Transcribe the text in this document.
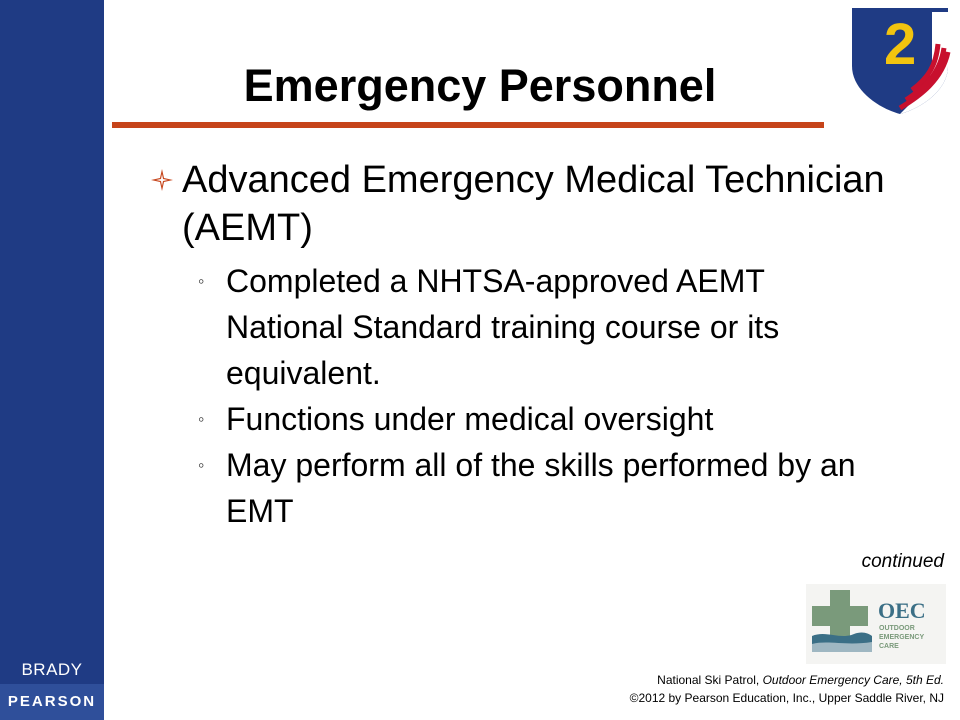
BRADY
PEARSON
2
Emergency Personnel
Advanced Emergency Medical Technician (AEMT)
◦ Completed a NHTSA-approved AEMT National Standard training course or its equivalent.
◦ Functions under medical oversight
◦ May perform all of the skills performed by an EMT
continued
OEC
OUTDOOR
EMERGENCY
CARE
National Ski Patrol, Outdoor Emergency Care, 5th Ed.
©2012 by Pearson Education, Inc., Upper Saddle River, NJ
